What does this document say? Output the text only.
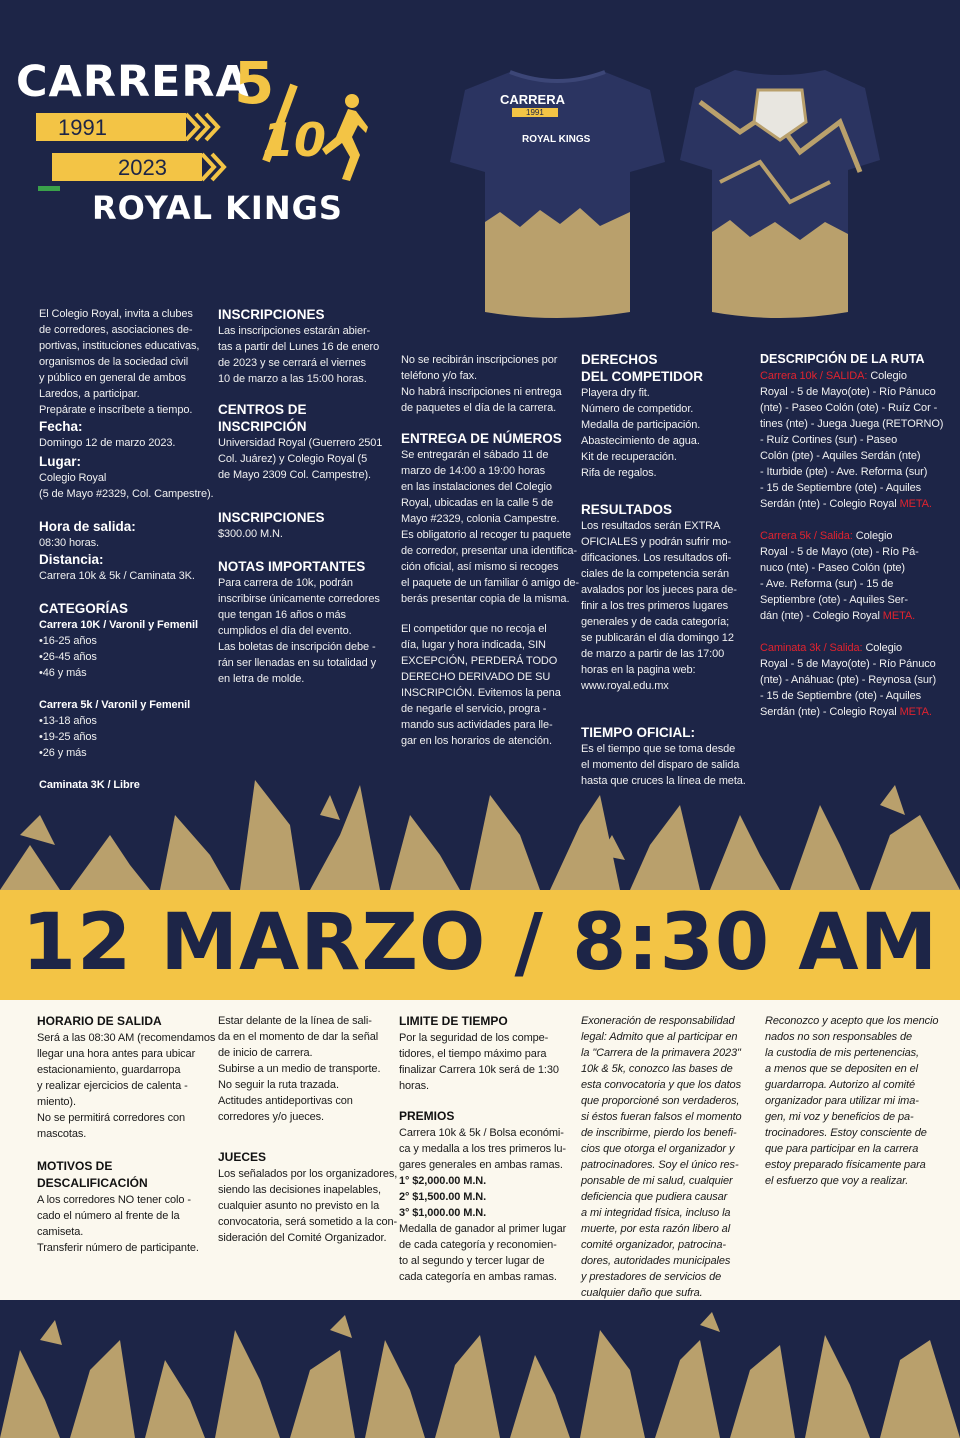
CARRERA
5
10
1991
2023
ROYAL KINGS
CARRERA
1991
ROYAL KINGS
El Colegio Royal, invita a clubes
de corredores, asociaciones de-
portivas, instituciones educativas,
organismos de la sociedad civil
y público en general de ambos
Laredos, a participar.
Prepárate e inscríbete a tiempo.
Fecha:
Domingo 12 de marzo 2023.
Lugar:
Colegio Royal
(5 de Mayo #2329, Col. Campestre).
Hora de salida:
08:30 horas.
Distancia:
Carrera 10k & 5k / Caminata 3K.
CATEGORÍAS
Carrera 10K / Varonil y Femenil
•16-25 años
•26-45 años
•46 y más
Carrera 5k / Varonil y Femenil
•13-18 años
•19-25 años
•26 y más
Caminata 3K / Libre
INSCRIPCIONES
Las inscripciones estarán abier-
tas a partir del Lunes 16 de enero
de 2023 y se cerrará el viernes
10 de marzo a las 15:00 horas.
CENTROS DE INSCRIPCIÓN
Universidad Royal (Guerrero 2501
Col. Juárez) y Colegio Royal (5
de Mayo 2309 Col. Campestre).
INSCRIPCIONES
$300.00 M.N.
NOTAS IMPORTANTES
Para carrera de 10k, podrán
inscribirse únicamente corredores
que tengan 16 años o más
cumplidos el día del evento.
Las boletas de inscripción debe -
rán ser llenadas en su totalidad y
en letra de molde.
No se recibirán inscripciones por
teléfono y/o fax.
No habrá inscripciones ni entrega
de paquetes el día de la carrera.
ENTREGA DE NÚMEROS
Se entregarán el sábado 11 de
marzo de 14:00 a 19:00 horas
en las instalaciones del Colegio
Royal, ubicadas en la calle 5 de
Mayo #2329, colonia Campestre.
Es obligatorio al recoger tu paquete
de corredor, presentar una identifica-
ción oficial, así mismo si recoges
el paquete de un familiar ó amigo de-
berás presentar copia de la misma.
El competidor que no recoja el
día, lugar y hora indicada, SIN
EXCEPCIÓN, PERDERÁ TODO
DERECHO DERIVADO DE SU
INSCRIPCIÓN. Evitemos la pena
de negarle el servicio, progra -
mando sus actividades para lle-
gar en los horarios de atención.
DERECHOS
DEL COMPETIDOR
Playera dry fit.
Número de competidor.
Medalla de participación.
Abastecimiento de agua.
Kit de recuperación.
Rifa de regalos.
RESULTADOS
Los resultados serán EXTRA
OFICIALES y podrán sufrir mo-
dificaciones. Los resultados ofi-
ciales de la competencia serán
avalados por los jueces para de-
finir a los tres primeros lugares
generales y de cada categoría;
se publicarán el día domingo 12
de marzo a partir de las 17:00
horas en la pagina web:
www.royal.edu.mx
TIEMPO OFICIAL:
Es el tiempo que se toma desde
el momento del disparo de salida
hasta que cruces la línea de meta.
DESCRIPCIÓN DE LA RUTA
Carrera 10k / SALIDA: Colegio
Royal - 5 de Mayo(ote) - Río Pánuco
(nte) - Paseo Colón (ote) - Ruíz Cor -
tines (nte) - Juega Juega (RETORNO)
- Ruíz Cortines (sur) - Paseo
Colón (pte) - Aquiles Serdán (nte)
- Iturbide (pte) - Ave. Reforma (sur)
- 15 de Septiembre (ote) - Aquiles
Serdán (nte) - Colegio Royal META.
Carrera 5k / Salida: Colegio
Royal - 5 de Mayo (ote) - Río Pá-
nuco (nte) - Paseo Colón (pte)
- Ave. Reforma (sur) - 15 de
Septiembre (ote) - Aquiles Ser-
dán (nte) - Colegio Royal META.
Caminata 3k / Salida: Colegio
Royal - 5 de Mayo(ote) - Río Pánuco
(nte) - Anáhuac (pte) - Reynosa (sur)
- 15 de Septiembre (ote) - Aquiles
Serdán (nte) - Colegio Royal META.
12 MARZO / 8:30 AM
HORARIO DE SALIDA
Será a las 08:30 AM (recomendamos
llegar una hora antes para ubicar
estacionamiento, guardarropa
y realizar ejercicios de calenta -
miento).
No se permitirá corredores con
mascotas.
MOTIVOS DE DESCALIFICACIÓN
A los corredores NO tener colo -
cado el número al frente de la
camiseta.
Transferir número de participante.
Estar delante de la línea de sali-
da en el momento de dar la señal
de inicio de carrera.
Subirse a un medio de transporte.
No seguir la ruta trazada.
Actitudes antideportivas con
corredores y/o jueces.
JUECES
Los señalados por los organizadores,
siendo las decisiones inapelables,
cualquier asunto no previsto en la
convocatoria, será sometido a la con-
sideración del Comité Organizador.
LIMITE DE TIEMPO
Por la seguridad de los compe-
tidores, el tiempo máximo para
finalizar Carrera 10k será de 1:30
horas.
PREMIOS
Carrera 10k & 5k / Bolsa económi-
ca y medalla a los tres primeros lu-
gares generales en ambas ramas.
1° $2,000.00 M.N.
2° $1,500.00 M.N.
3° $1,000.00 M.N.
Medalla de ganador al primer lugar
de cada categoría y reconomien-
to al segundo y tercer lugar de
cada categoría en ambas ramas.
Exoneración de responsabilidad
legal: Admito que al participar en
la "Carrera de la primavera 2023"
10k & 5k, conozco las bases de
esta convocatoria y que los datos
que proporcioné son verdaderos,
si éstos fueran falsos el momento
de inscribirme, pierdo los benefi-
cios que otorga el organizador y
patrocinadores. Soy el único res-
ponsable de mi salud, cualquier
deficiencia que pudiera causar
a mi integridad física, incluso la
muerte, por esta razón libero al
comité organizador, patrocina-
dores, autoridades municipales
y prestadores de servicios de
cualquier daño que sufra.
Reconozco y acepto que los mencio
nados no son responsables de
la custodia de mis pertenencias,
a menos que se depositen en el
guardarropa. Autorizo al comité
organizador para utilizar mi ima-
gen, mi voz y beneficios de pa-
trocinadores. Estoy consciente de
que para participar en la carrera
estoy preparado físicamente para
el esfuerzo que voy a realizar.
